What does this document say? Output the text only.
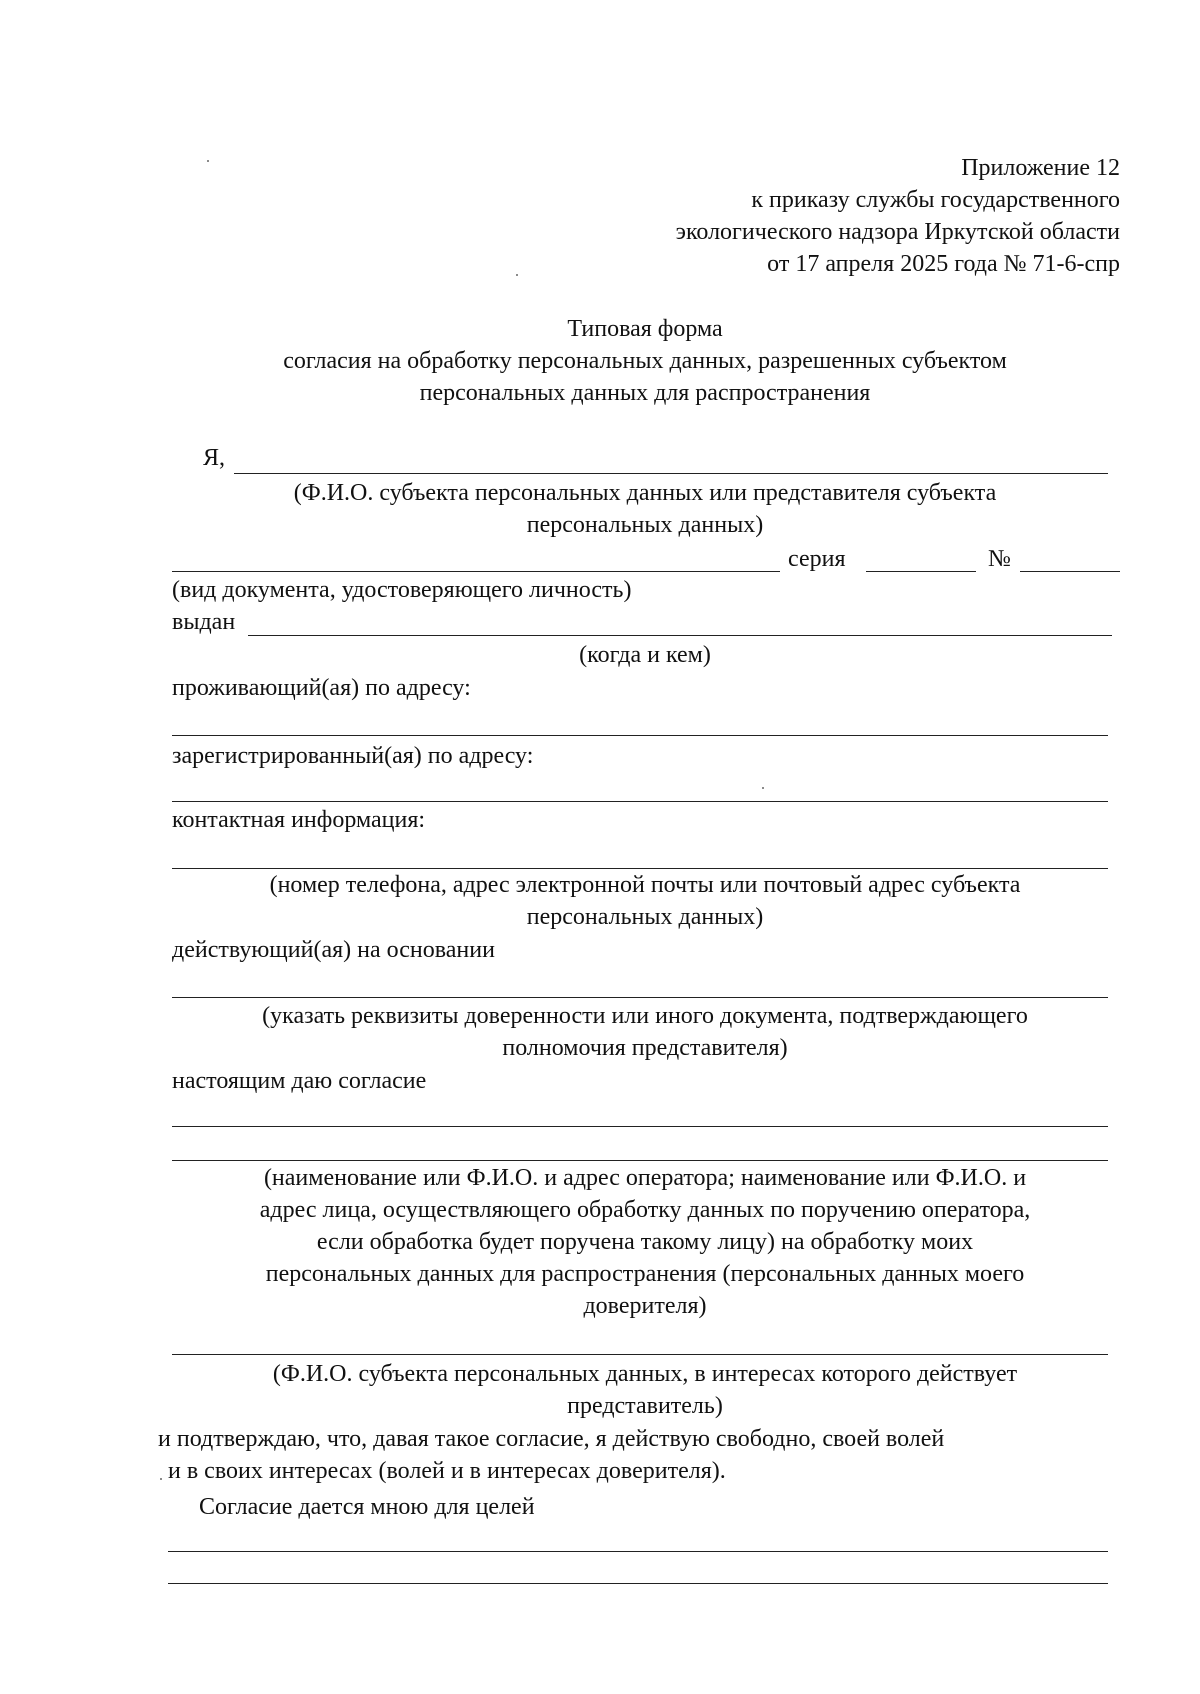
Приложение 12
к приказу службы государственного
экологического надзора Иркутской области
от 17 апреля 2025 года № 71-6-спр
Типовая форма
согласия на обработку персональных данных, разрешенных субъектом
персональных данных для распространения
Я,
(Ф.И.О. субъекта персональных данных или представителя субъекта
персональных данных)
серия	№
(вид документа, удостоверяющего личность)
выдан
(когда и кем)
проживающий(ая) по адресу:
зарегистрированный(ая) по адресу:
контактная информация:
(номер телефона, адрес электронной почты или почтовый адрес субъекта
персональных данных)
действующий(ая) на основании
(указать реквизиты доверенности или иного документа, подтверждающего
полномочия представителя)
настоящим даю согласие
(наименование или Ф.И.О. и адрес оператора; наименование или Ф.И.О. и
адрес лица, осуществляющего обработку данных по поручению оператора,
если обработка будет поручена такому лицу) на обработку моих
персональных данных для распространения (персональных данных моего
доверителя)
(Ф.И.О. субъекта персональных данных, в интересах которого действует
представитель)
и подтверждаю, что, давая такое согласие, я действую свободно, своей волей
и в своих интересах (волей и в интересах доверителя).
Согласие дается мною для целей
